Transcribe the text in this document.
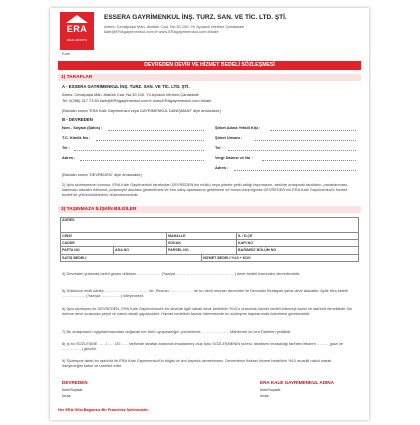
ERA
REAL ESTATE
Kale
ESSERA GAYRİMENKUL İNŞ. TURZ. SAN. VE TİC. LTD. ŞTİ.
Adres: Cevatpaşa Mah. Atatürk Cad. No:30 100. Yıl Ayvacık Merkez Çanakkale
kale@ERAgayrimenkul.com.tr www.ERAgayrimenkul.com.tr/kale
DEVREDEN DEVİR VE HİZMET BEDELİ SÖZLEŞMESİ
1) TARAFLAR
A - ESSERA GAYRİMENKUL İNŞ. TURZ. SAN. VE TİC. LTD. ŞTİ.
Adres: Cevatpaşa Mah. Atatürk Cad. No:30 100. Yıl Ayvacık Merkez-Çanakkale
Tel: 0(286) 317 73 83 kale@ERAgayrimenkul.com.tr www.ERAgayrimenkul.com.tr/kale
(Bundan sonra "ERA Kale Gayrimenkul veya GAYRİMENKUL DANIŞMANI" diye anılacaktır.)
B - DEVREDEN
İsim - Soyadı (Şahıs) :
T.C. Kimlik No :
Tel :
Adres :
Şirket Adına Yetkili Kişi :
Şirket Unvanı :
Tel :
Vergi Dairesi ve No :
Adres :
(Bundan sonra "DEVREDEN" diye anılacaktır.)
2) İşbu sözleşmenin konusu; ERA Kale Gayrimenkul tarafından DEVREDEN'nin mülkü veya şirkete yetki aldığı taşınmazın, sektöre anlaşmalı tarafların, pazarlanması, satılması alacaklı edilmesi, potansiyel alıcılara gösterilmesi ve tüm satış aşamasına getirilmesi ve bunun karşılığında DEVREDEN'nin ERA Kale Gayrimenkul'e hizmet bedeli ile yükümlülüklerinin düzenlenmesidir.
3) TAŞINMAZA İLİŞKİN BİLGİLER
ADRES				
CİNSİ		MAHALLE		İL / İLÇE
CADDE		SOKAK		KAPI NO
PAFTA NO	ADA NO	PARSEL NO		BAĞIMSIZ BÖLÜM NO
SATIŞ BEDELİ			HİZMET BEDELİ %10 + KDV:	
4) Devreden yukarıda belirli geçen dükkanı ……………… (Yazıyla ………………………………………) devir bedeli üzerinden devredecektir.
5) Dükkanın mülk sahibi …………………………… 'dır. Kiracısı ……………… ile bu devir sonrası devreden ile Devralan Kiralayan şahsi devir alacaktır. Aylık Kira bedeli ……………… (Yazıyla ……………) ödeyecektir.
6) İşbu sözleşme ile DEVREDEN, ERA Kale Gayrimenkul'e bu devirde ilgili olarak devir bedelinin %10'u oranında hizmet bedeli ödemeyi kabul ve taahhüt etmektedir. Bu ödeme devir sırasında peşin ve nakdi olarak yapılacaktır. Hizmet bedelinin faizsiz ödemesinde bu sözleşme kapsamında ödenmesi gerekecektir.
7) Bu anlaşmanın uygulanmasından doğacak her türlü uyuşmazlığın çözümünde ………………… Mahkeme ve İcra Daireleri yetkilidir.
8) İş bu SÖZLEŞME ……/……/20…… tarihinde taraflar arasında imzalanmış olup İşbu SÖZLEŞMENİN süresi, tarafların imzaladığı tarihten itibaren ……… (yazı ile ……………) gündür.
9) Sözleşme tarafı bu taahhüt ile ERA Kale Gayrimenkul'ün bilgisi ve izni dışında devredemez. Devredenin fiziksel hizmet bedelinin %10 muadili nakdi olarak ödeyeceğini kabul ve taahhüt eder.
DEVREDEN
İsim/Soyadı:
İmza:
ERA KALE GAYRİMENKUL ADINA
İsim/Soyadı:
İmza:
Her ERA Ofisi Bağımsız Bir Franchise İşletmesidir.
